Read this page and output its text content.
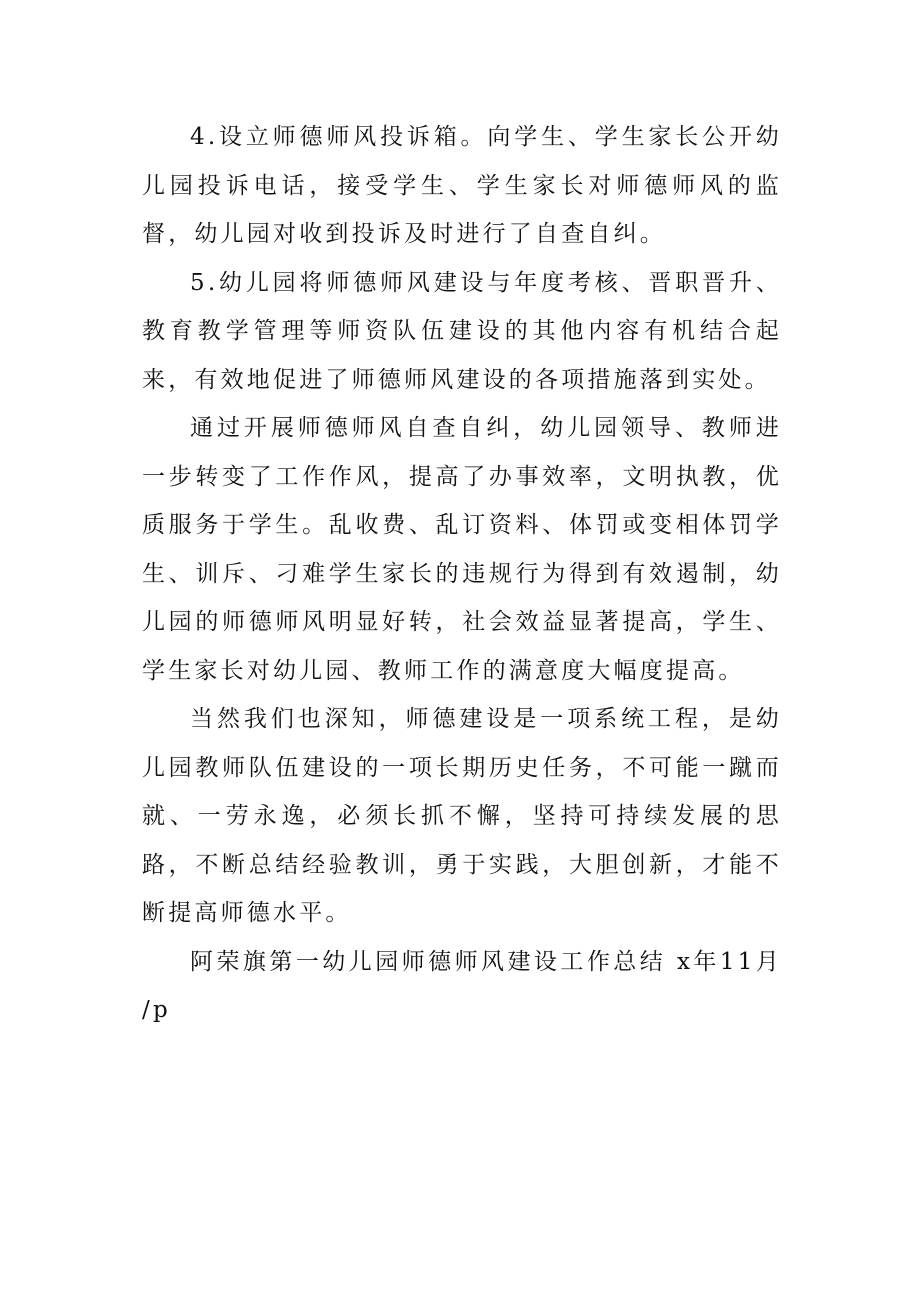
4.设立师德师风投诉箱。向学生、学生家长公开幼儿园投诉电话，接受学生、学生家长对师德师风的监督，幼儿园对收到投诉及时进行了自查自纠。

5.幼儿园将师德师风建设与年度考核、晋职晋升、教育教学管理等师资队伍建设的其他内容有机结合起来，有效地促进了师德师风建设的各项措施落到实处。

通过开展师德师风自查自纠，幼儿园领导、教师进一步转变了工作作风，提高了办事效率，文明执教，优质服务于学生。乱收费、乱订资料、体罚或变相体罚学生、训斥、刁难学生家长的违规行为得到有效遏制，幼儿园的师德师风明显好转，社会效益显著提高，学生、学生家长对幼儿园、教师工作的满意度大幅度提高。

当然我们也深知，师德建设是一项系统工程，是幼儿园教师队伍建设的一项长期历史任务，不可能一蹴而就、一劳永逸，必须长抓不懈，坚持可持续发展的思路，不断总结经验教训，勇于实践，大胆创新，才能不断提高师德水平。

阿荣旗第一幼儿园师德师风建设工作总结 x年11月 /p
